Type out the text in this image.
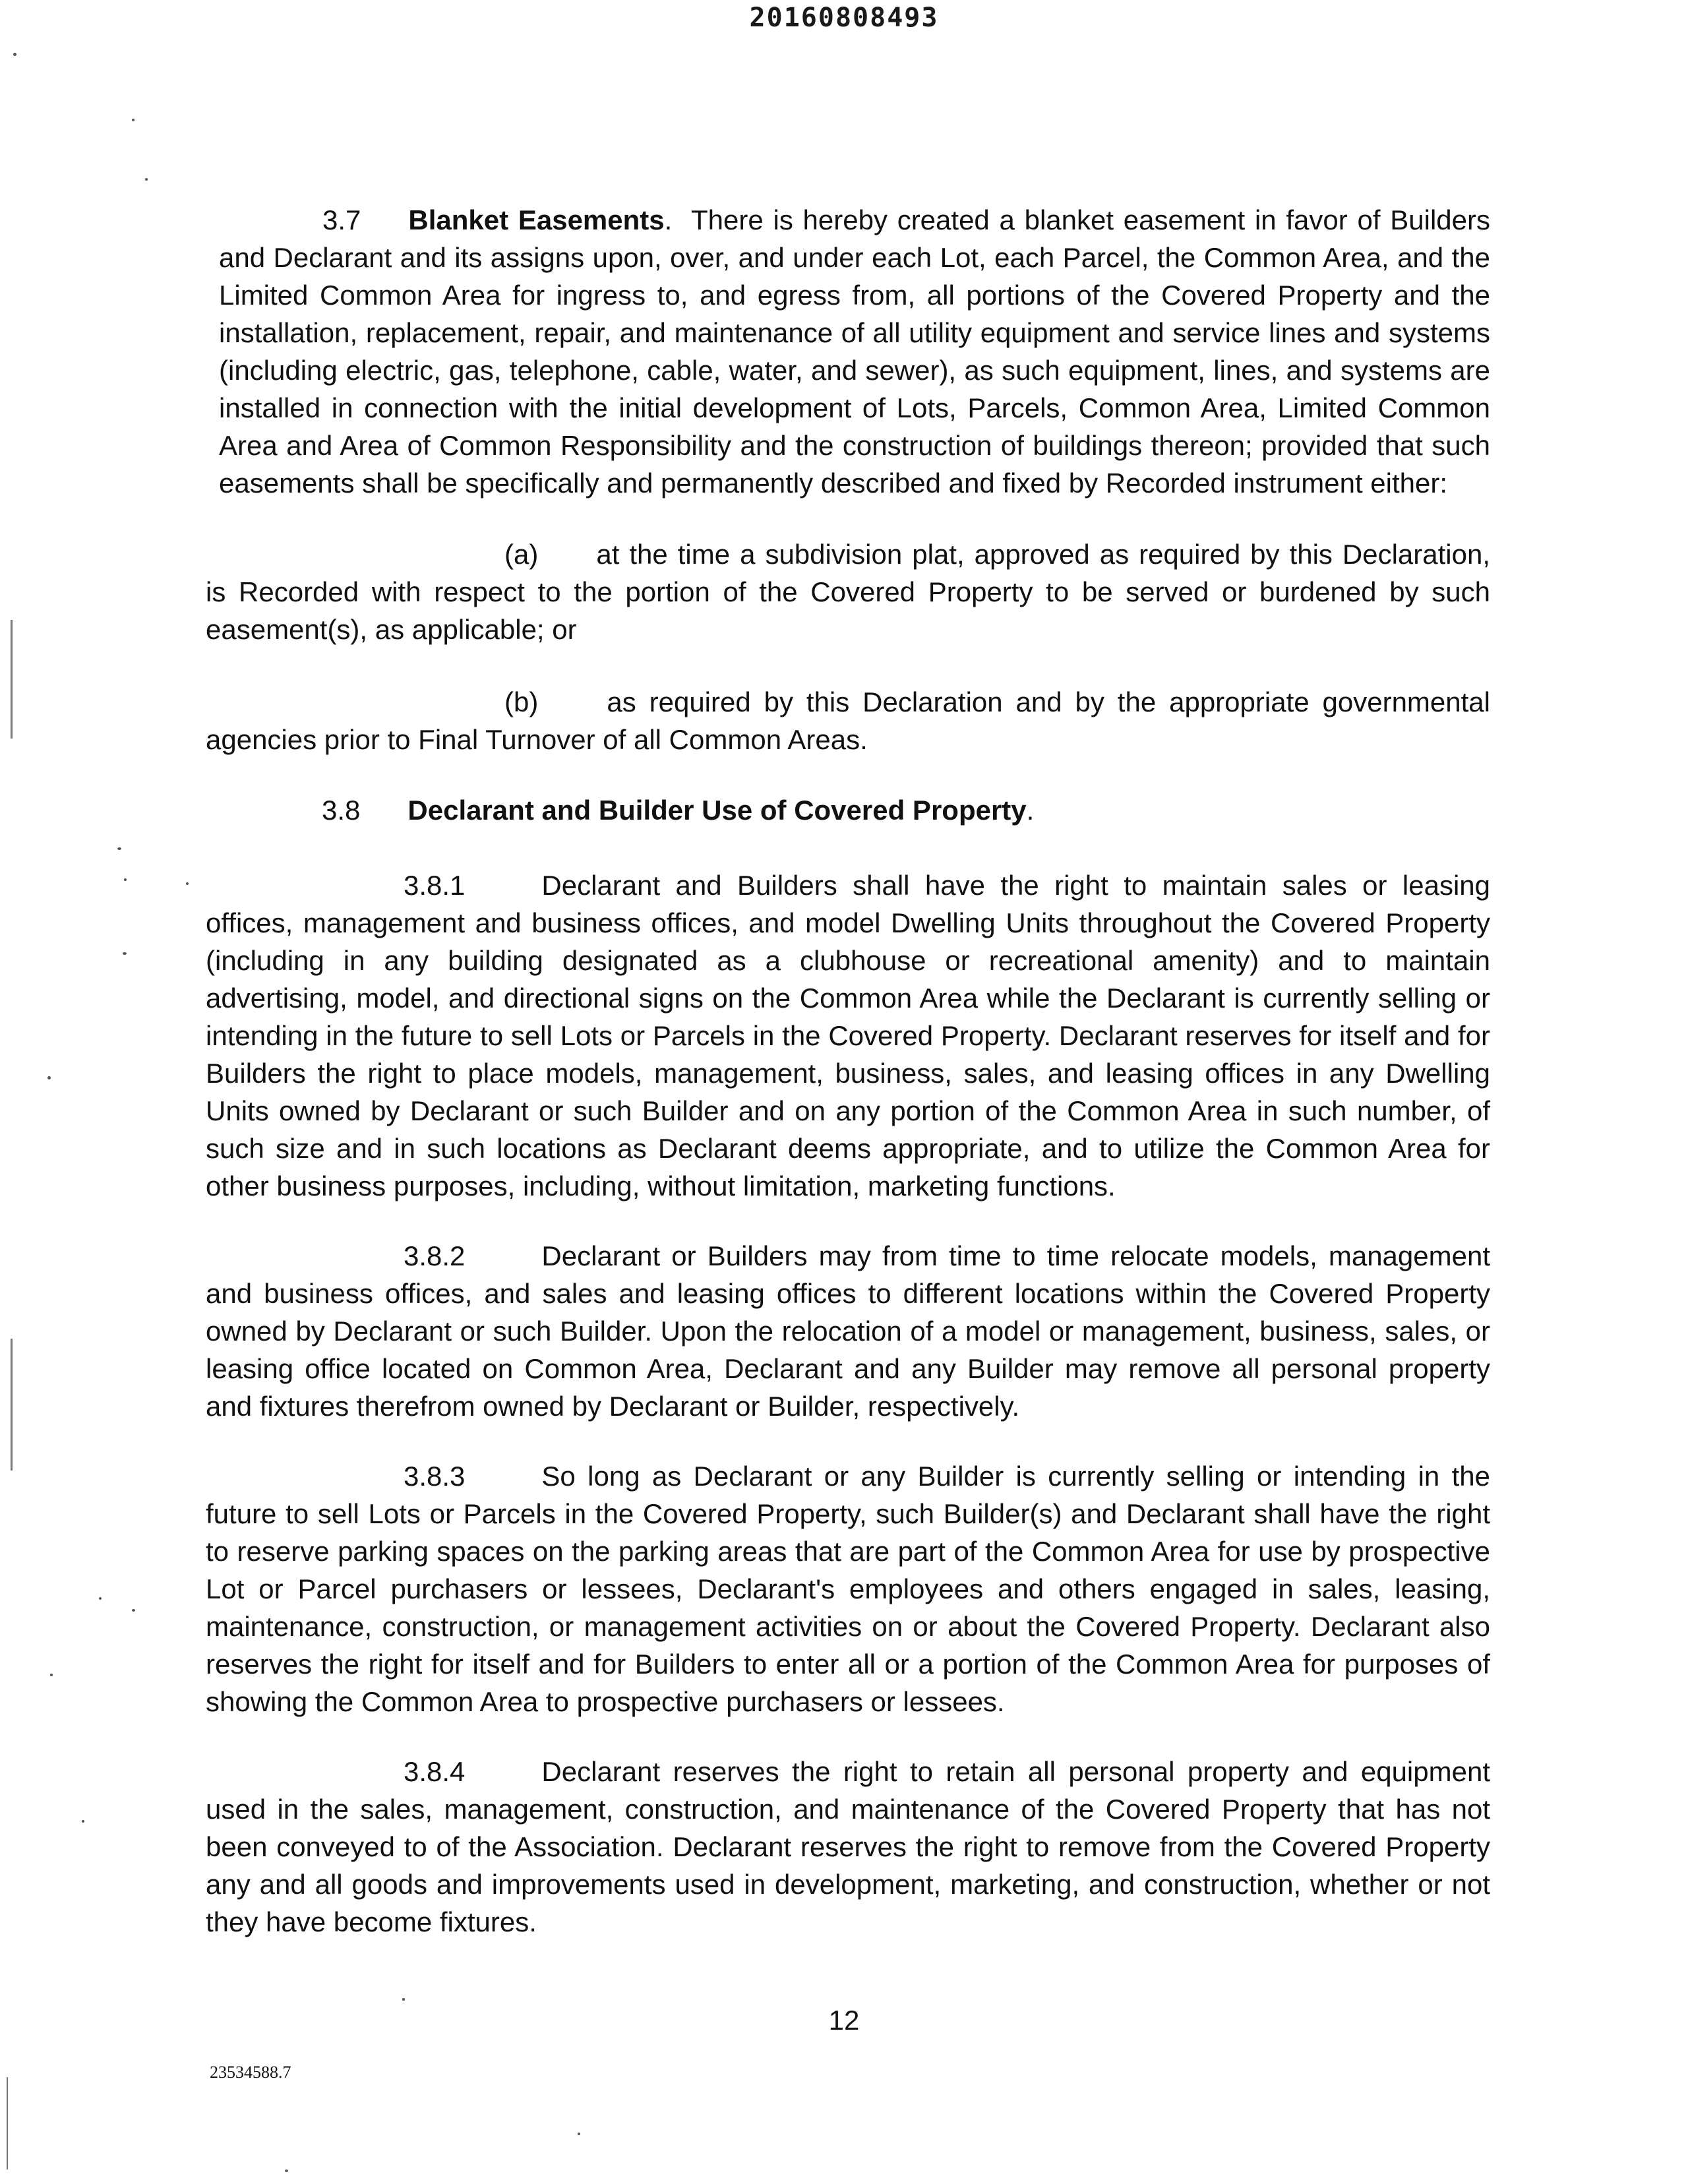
20160808493
3.7 Blanket Easements. There is hereby created a blanket easement in favor of Builders and Declarant and its assigns upon, over, and under each Lot, each Parcel, the Common Area, and the Limited Common Area for ingress to, and egress from, all portions of the Covered Property and the installation, replacement, repair, and maintenance of all utility equipment and service lines and systems (including electric, gas, telephone, cable, water, and sewer), as such equipment, lines, and systems are installed in connection with the initial development of Lots, Parcels, Common Area, Limited Common Area and Area of Common Responsibility and the construction of buildings thereon; provided that such easements shall be specifically and permanently described and fixed by Recorded instrument either:
(a) at the time a subdivision plat, approved as required by this Declaration, is Recorded with respect to the portion of the Covered Property to be served or burdened by such easement(s), as applicable; or
(b) as required by this Declaration and by the appropriate governmental agencies prior to Final Turnover of all Common Areas.
3.8 Declarant and Builder Use of Covered Property.
3.8.1	Declarant and Builders shall have the right to maintain sales or leasing offices, management and business offices, and model Dwelling Units throughout the Covered Property (including in any building designated as a clubhouse or recreational amenity) and to maintain advertising, model, and directional signs on the Common Area while the Declarant is currently selling or intending in the future to sell Lots or Parcels in the Covered Property. Declarant reserves for itself and for Builders the right to place models, management, business, sales, and leasing offices in any Dwelling Units owned by Declarant or such Builder and on any portion of the Common Area in such number, of such size and in such locations as Declarant deems appropriate, and to utilize the Common Area for other business purposes, including, without limitation, marketing functions.
3.8.2	Declarant or Builders may from time to time relocate models, management and business offices, and sales and leasing offices to different locations within the Covered Property owned by Declarant or such Builder. Upon the relocation of a model or management, business, sales, or leasing office located on Common Area, Declarant and any Builder may remove all personal property and fixtures therefrom owned by Declarant or Builder, respectively.
3.8.3	So long as Declarant or any Builder is currently selling or intending in the future to sell Lots or Parcels in the Covered Property, such Builder(s) and Declarant shall have the right to reserve parking spaces on the parking areas that are part of the Common Area for use by prospective Lot or Parcel purchasers or lessees, Declarant's employees and others engaged in sales, leasing, maintenance, construction, or management activities on or about the Covered Property. Declarant also reserves the right for itself and for Builders to enter all or a portion of the Common Area for purposes of showing the Common Area to prospective purchasers or lessees.
3.8.4	Declarant reserves the right to retain all personal property and equipment used in the sales, management, construction, and maintenance of the Covered Property that has not been conveyed to of the Association. Declarant reserves the right to remove from the Covered Property any and all goods and improvements used in development, marketing, and construction, whether or not they have become fixtures.
12
23534588.7
